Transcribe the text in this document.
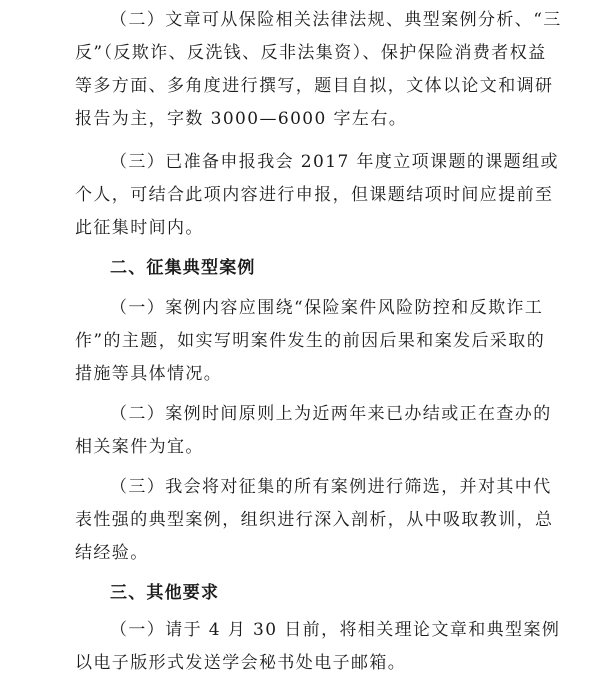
（二）文章可从保险相关法律法规、典型案例分析、“三
反”（反欺诈、反洗钱、反非法集资）、保护保险消费者权益
等多方面、多角度进行撰写，题目自拟，文体以论文和调研
报告为主，字数 3000—6000 字左右。
（三）已准备申报我会 2017 年度立项课题的课题组或
个人，可结合此项内容进行申报，但课题结项时间应提前至
此征集时间内。
二、征集典型案例
（一）案例内容应围绕“保险案件风险防控和反欺诈工
作”的主题，如实写明案件发生的前因后果和案发后采取的
措施等具体情况。
（二）案例时间原则上为近两年来已办结或正在查办的
相关案件为宜。
（三）我会将对征集的所有案例进行筛选，并对其中代
表性强的典型案例，组织进行深入剖析，从中吸取教训，总
结经验。
三、其他要求
（一）请于 4 月 30 日前，将相关理论文章和典型案例
以电子版形式发送学会秘书处电子邮箱。
